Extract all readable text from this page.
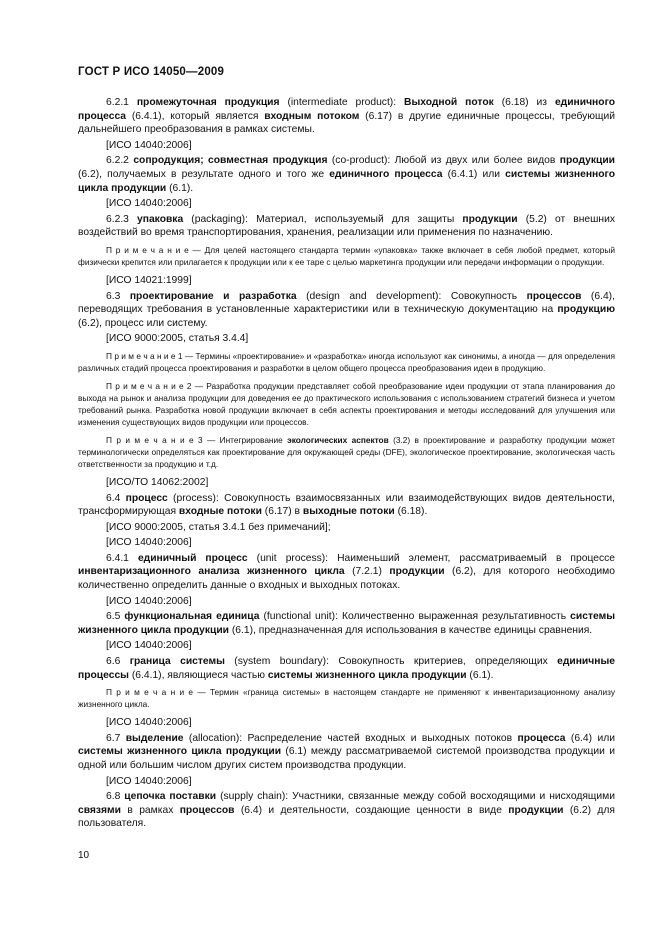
ГОСТ Р ИСО 14050—2009
6.2.1 промежуточная продукция (intermediate product): Выходной поток (6.18) из единичного процесса (6.4.1), который является входным потоком (6.17) в другие единичные процессы, требующий дальнейшего преобразования в рамках системы.
[ИСО 14040:2006]
6.2.2 сопродукция; совместная продукция (co-product): Любой из двух или более видов продукции (6.2), получаемых в результате одного и того же единичного процесса (6.4.1) или системы жизненного цикла продукции (6.1).
[ИСО 14040:2006]
6.2.3 упаковка (packaging): Материал, используемый для защиты продукции (5.2) от внешних воздействий во время транспортирования, хранения, реализации или применения по назначению.
П р и м е ч а н и е — Для целей настоящего стандарта термин «упаковка» также включает в себя любой предмет, который физически крепится или прилагается к продукции или к ее таре с целью маркетинга продукции или передачи информации о продукции.
[ИСО 14021:1999]
6.3 проектирование и разработка (design and development): Совокупность процессов (6.4), переводящих требования в установленные характеристики или в техническую документацию на продукцию (6.2), процесс или систему.
[ИСО 9000:2005, статья 3.4.4]
П р и м е ч а н и е 1 — Термины «проектирование» и «разработка» иногда используют как синонимы, а иногда — для определения различных стадий процесса проектирования и разработки в целом общего процесса преобразования идеи в продукцию.
П р и м е ч а н и е 2 — Разработка продукции представляет собой преобразование идеи продукции от этапа планирования до выхода на рынок и анализа продукции для доведения ее до практического использования с использованием стратегий бизнеса и учетом требований рынка. Разработка новой продукции включает в себя аспекты проектирования и методы исследований для улучшения или изменения существующих видов продукции или процессов.
П р и м е ч а н и е 3 — Интегрирование экологических аспектов (3.2) в проектирование и разработку продукции может терминологически определяться как проектирование для окружающей среды (DFE), экологическое проектирование, экологическая часть ответственности за продукцию и т.д.
[ИСО/ТО 14062:2002]
6.4 процесс (process): Совокупность взаимосвязанных или взаимодействующих видов деятельности, трансформирующая входные потоки (6.17) в выходные потоки (6.18).
[ИСО 9000:2005, статья 3.4.1 без примечаний];
[ИСО 14040:2006]
6.4.1 единичный процесс (unit process): Наименьший элемент, рассматриваемый в процессе инвентаризационного анализа жизненного цикла (7.2.1) продукции (6.2), для которого необходимо количественно определить данные о входных и выходных потоках.
[ИСО 14040:2006]
6.5 функциональная единица (functional unit): Количественно выраженная результативность системы жизненного цикла продукции (6.1), предназначенная для использования в качестве единицы сравнения.
[ИСО 14040:2006]
6.6 граница системы (system boundary): Совокупность критериев, определяющих единичные процессы (6.4.1), являющиеся частью системы жизненного цикла продукции (6.1).
П р и м е ч а н и е — Термин «граница системы» в настоящем стандарте не применяют к инвентаризационному анализу жизненного цикла.
[ИСО 14040:2006]
6.7 выделение (allocation): Распределение частей входных и выходных потоков процесса (6.4) или системы жизненного цикла продукции (6.1) между рассматриваемой системой производства продукции и одной или большим числом других систем производства продукции.
[ИСО 14040:2006]
6.8 цепочка поставки (supply chain): Участники, связанные между собой восходящими и нисходящими связями в рамках процессов (6.4) и деятельности, создающие ценности в виде продукции (6.2) для пользователя.
10
